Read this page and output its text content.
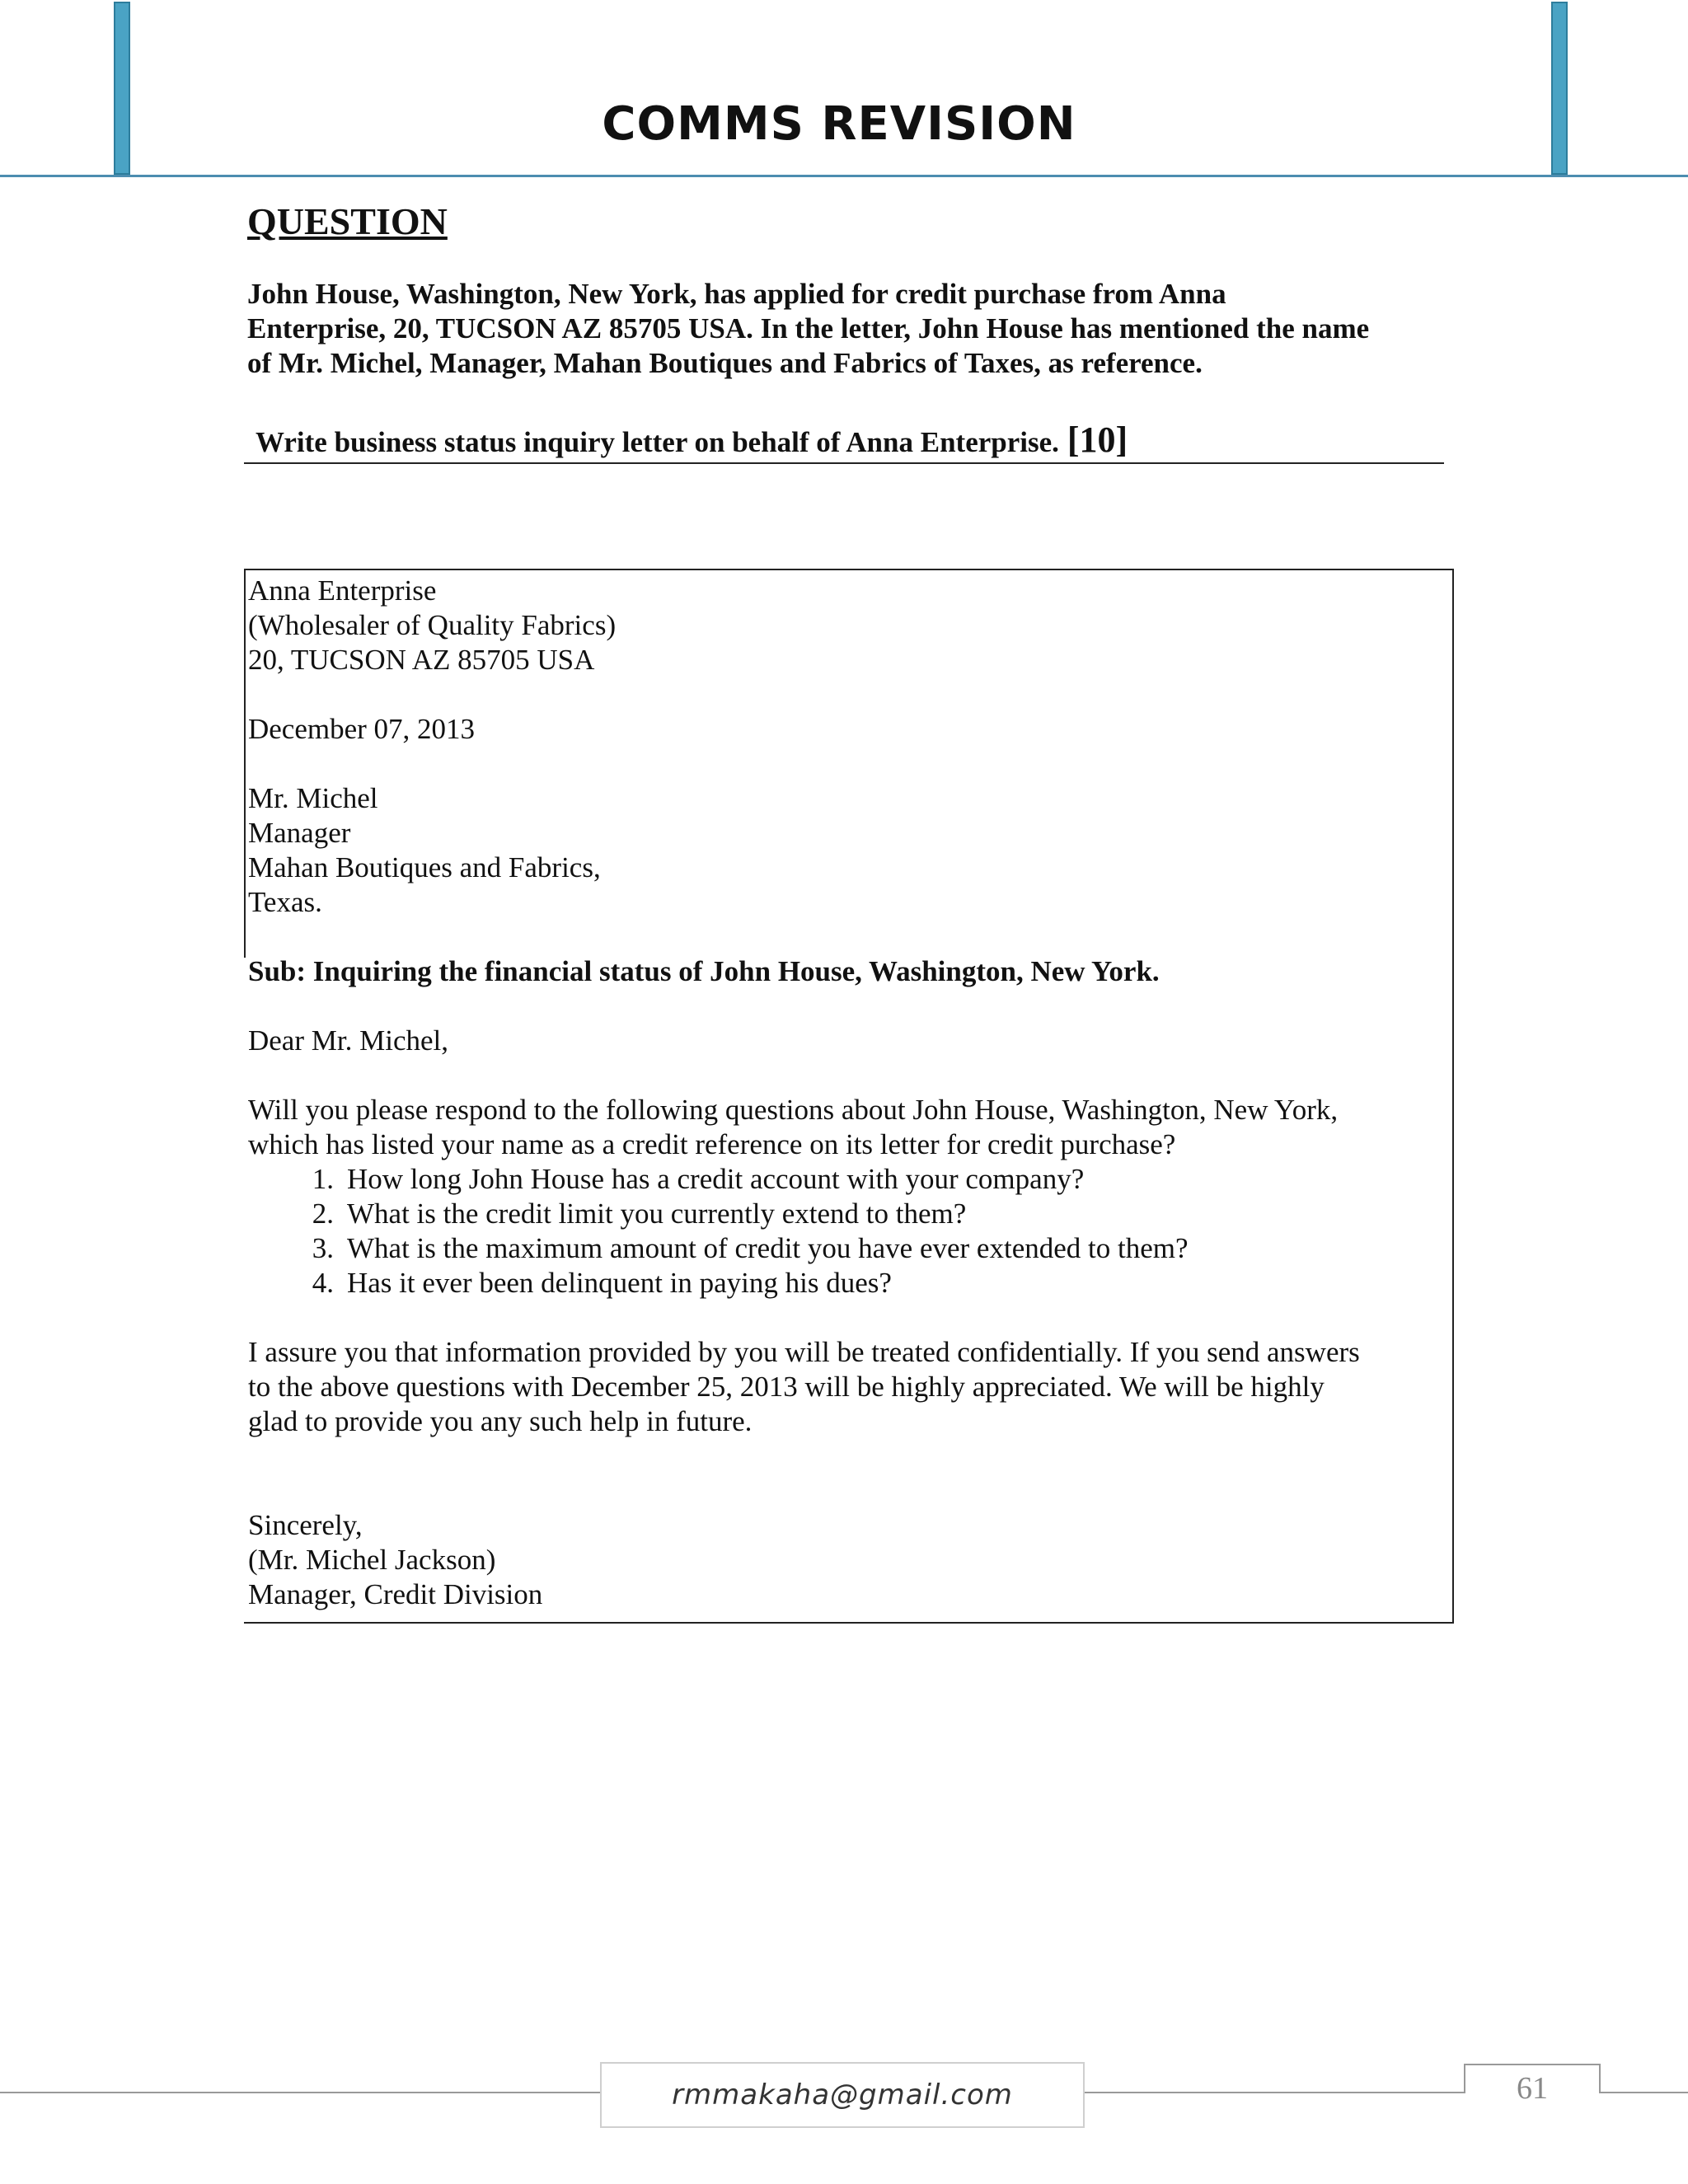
COMMS REVISION
QUESTION
John House, Washington, New York, has applied for credit purchase from Anna
Enterprise, 20, TUCSON AZ 85705 USA. In the letter, John House has mentioned the name
of Mr. Michel, Manager, Mahan Boutiques and Fabrics of Taxes, as reference.
Write business status inquiry letter on behalf of Anna Enterprise. [10]

Anna Enterprise

(Wholesaler of Quality Fabrics)

20, TUCSON AZ 85705 USA

December 07, 2013

Mr. Michel

Manager

Mahan Boutiques and Fabrics,

Texas.

Sub: Inquiring the financial status of John House, Washington, New York.

Dear Mr. Michel,

Will you please respond to the following questions about John House, Washington, New York,

which has listed your name as a credit reference on its letter for credit purchase?

1. How long John House has a credit account with your company?
2. What is the credit limit you currently extend to them?
3. What is the maximum amount of credit you have ever extended to them?
4. Has it ever been delinquent in paying his dues?

I assure you that information provided by you will be treated confidentially. If you send answers

to the above questions with December 25, 2013 will be highly appreciated. We will be highly

glad to provide you any such help in future.

Sincerely,

(Mr. Michel Jackson)

Manager, Credit Division

rmmakaha@gmail.com	61
